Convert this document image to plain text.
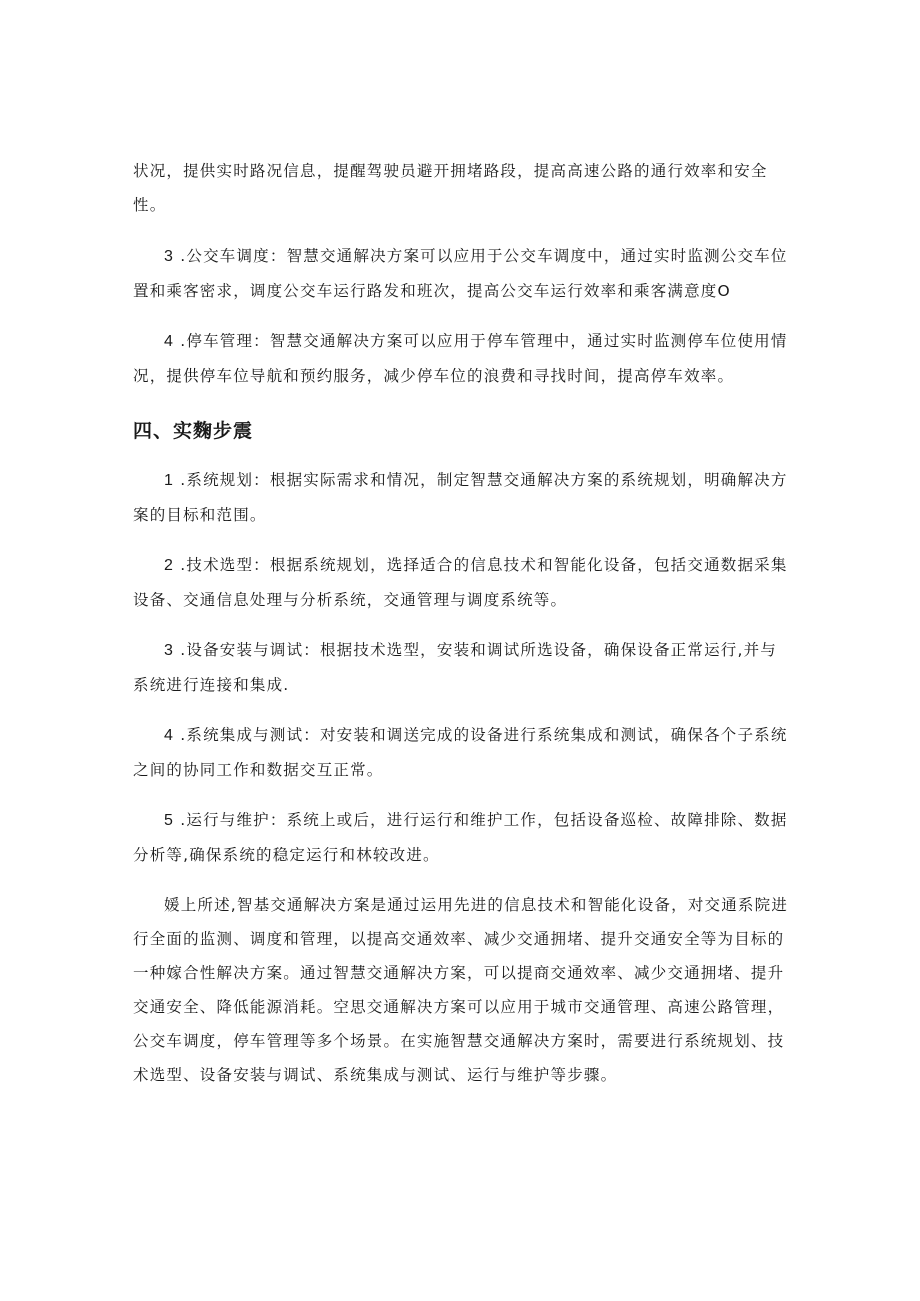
状况，提供实时路况信息，提醒驾驶员避开拥堵路段，提高高速公路的通行效率和安全性。

3 .公交车调度：智慧交通解决方案可以应用于公交车调度中，通过实时监测公交车位置和乘客密求，调度公交车运行路发和班次，提高公交车运行效率和乘客满意度O

4 .停车管理：智慧交通解决方案可以应用于停车管理中，通过实时监测停车位使用情况，提供停车位导航和预约服务，减少停车位的浪费和寻找时间，提高停车效率。

四、实麴步震

1 .系统规划：根据实际需求和情况，制定智慧交通解决方案的系统规划，明确解决方案的目标和范围。

2 .技术选型：根据系统规划，选择适合的信息技术和智能化设备，包括交通数据采集设备、交通信息处理与分析系统，交通管理与调度系统等。

3 .设备安装与调试：根据技术选型，安装和调试所选设备，确保设备正常运行,并与系统进行连接和集成.

4 .系统集成与测试：对安装和调送完成的设备进行系统集成和测试，确保各个子系统之间的协同工作和数据交互正常。

5 .运行与维护：系统上或后，进行运行和维护工作，包括设备巡检、故障排除、数据分析等,确保系统的稳定运行和林较改进。

媛上所述,智基交通解决方案是通过运用先进的信息技术和智能化设备，对交通系院进行全面的监测、调度和管理，以提高交通效率、减少交通拥堵、提升交通安全等为目标的一种嫁合性解决方案。通过智慧交通解决方案，可以提商交通效率、减少交通拥堵、提升交通安全、降低能源消耗。空思交通解决方案可以应用于城市交通管理、高速公路管理，公交车调度，停车管理等多个场景。在实施智慧交通解决方案时，需要进行系统规划、技术选型、设备安装与调试、系统集成与测试、运行与维护等步骤。
